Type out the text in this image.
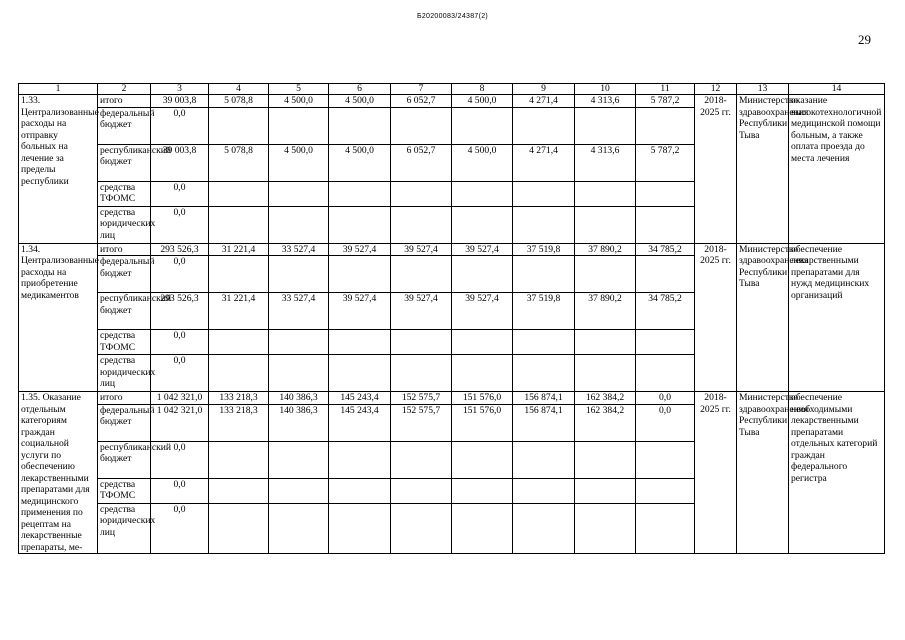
Б20200083/24387(2)
29
1	2	3	4	5	6	7	8	9	10	11	12	13	14
1.33. Централизованные расходы на отправку больных на лечение за пределы республики	итого	39 003,8	5 078,8	4 500,0	4 500,0	6 052,7	4 500,0	4 271,4	4 313,6	5 787,2	2018-2025 гг.	Министерство здравоохранения Республики Тыва	оказание высокотехнологичной медицинской помощи больным, а также оплата проезда до места лечения
	федеральный бюджет	0,0											
	республиканский бюджет	39 003,8	5 078,8	4 500,0	4 500,0	6 052,7	4 500,0	4 271,4	4 313,6	5 787,2			
	средства ТФОМС	0,0											
	средства юридических лиц	0,0											
1.34. Централизованные расходы на приобретение медикаментов	итого	293 526,3	31 221,4	33 527,4	39 527,4	39 527,4	39 527,4	37 519,8	37 890,2	34 785,2	2018-2025 гг.	Министерство здравоохранения Республики Тыва	обеспечение лекарственными препаратами для нужд медицинских организаций
	федеральный бюджет	0,0											
	республиканский бюджет	293 526,3	31 221,4	33 527,4	39 527,4	39 527,4	39 527,4	37 519,8	37 890,2	34 785,2			
	средства ТФОМС	0,0											
	средства юридических лиц	0,0											
1.35. Оказание отдельным категориям граждан социальной услуги по обеспечению лекарственными препаратами для медицинского применения по рецептам на лекарственные препараты, ме-	итого	1 042 321,0	133 218,3	140 386,3	145 243,4	152 575,7	151 576,0	156 874,1	162 384,2	0,0	2018-2025 гг.	Министерство здравоохранения Республики Тыва	обеспечение необходимыми лекарственными препаратами отдельных категорий граждан федерального регистра
	федеральный бюджет	1 042 321,0	133 218,3	140 386,3	145 243,4	152 575,7	151 576,0	156 874,1	162 384,2	0,0			
	республиканский бюджет	0,0											
	средства ТФОМС	0,0											
	средства юридических лиц	0,0											
